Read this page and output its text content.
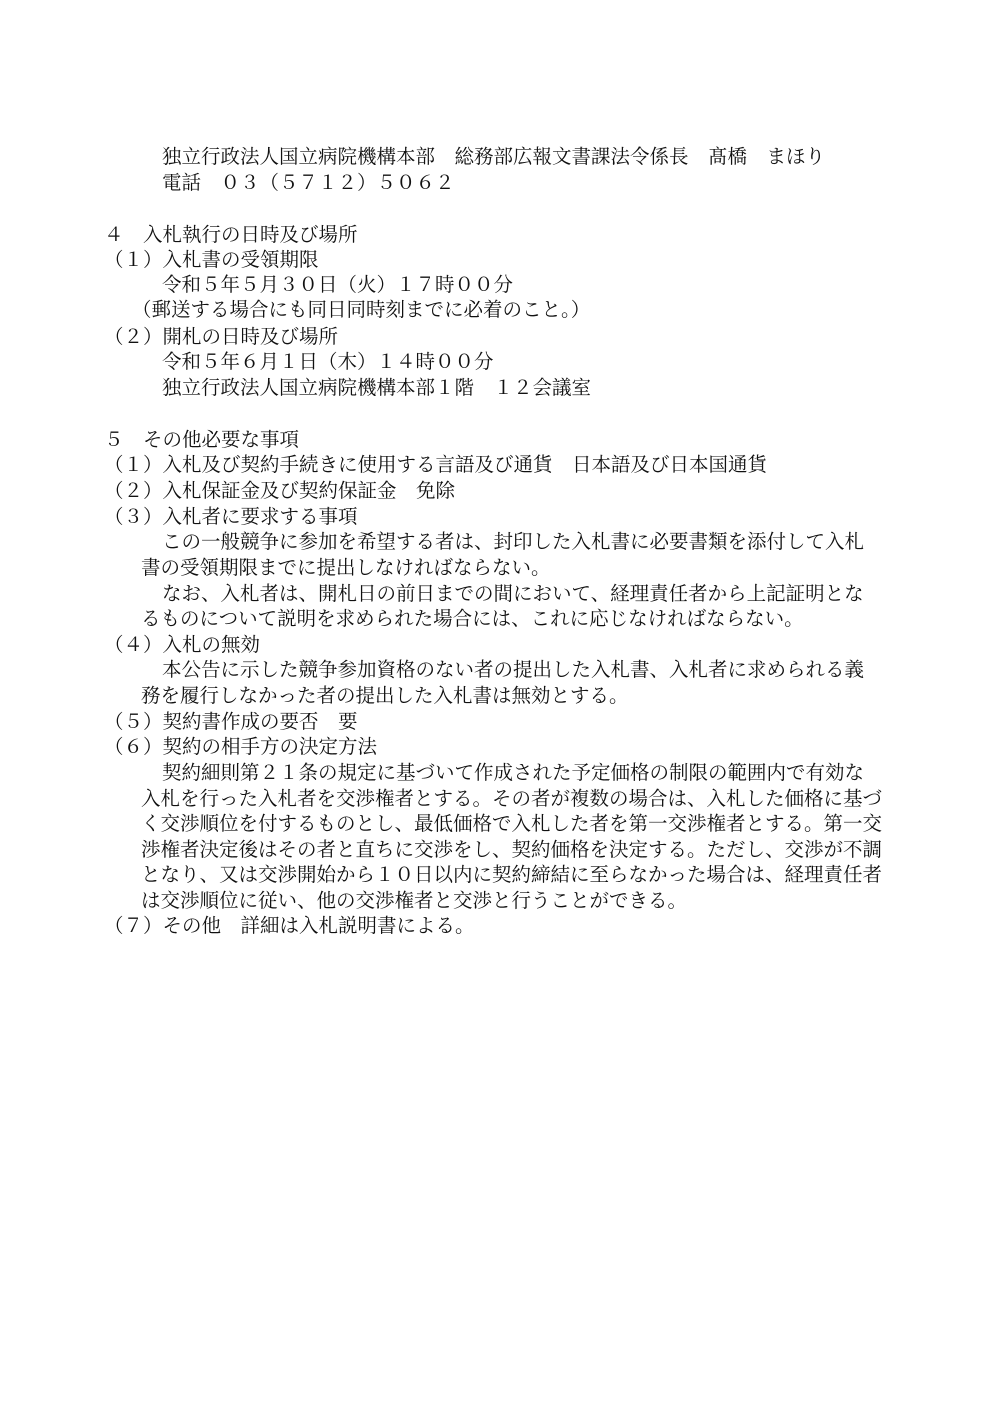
独立行政法人国立病院機構本部　総務部広報文書課法令係長　髙橋　まほり
電話　０３（５７１２）５０６２
４　入札執行の日時及び場所
（１）入札書の受領期限
令和５年５月３０日（火）１７時００分
（郵送する場合にも同日同時刻までに必着のこと。）
（２）開札の日時及び場所
令和５年６月１日（木）１４時００分
独立行政法人国立病院機構本部１階　１２会議室
５　その他必要な事項
（１）入札及び契約手続きに使用する言語及び通貨　日本語及び日本国通貨
（２）入札保証金及び契約保証金　免除
（３）入札者に要求する事項
この一般競争に参加を希望する者は、封印した入札書に必要書類を添付して入札
書の受領期限までに提出しなければならない。
なお、入札者は、開札日の前日までの間において、経理責任者から上記証明とな
るものについて説明を求められた場合には、これに応じなければならない。
（４）入札の無効
本公告に示した競争参加資格のない者の提出した入札書、入札者に求められる義
務を履行しなかった者の提出した入札書は無効とする。
（５）契約書作成の要否　要
（６）契約の相手方の決定方法
契約細則第２１条の規定に基づいて作成された予定価格の制限の範囲内で有効な
入札を行った入札者を交渉権者とする。その者が複数の場合は、入札した価格に基づ
く交渉順位を付するものとし、最低価格で入札した者を第一交渉権者とする。第一交
渉権者決定後はその者と直ちに交渉をし、契約価格を決定する。ただし、交渉が不調
となり、又は交渉開始から１０日以内に契約締結に至らなかった場合は、経理責任者
は交渉順位に従い、他の交渉権者と交渉と行うことができる。
（７）その他　詳細は入札説明書による。
